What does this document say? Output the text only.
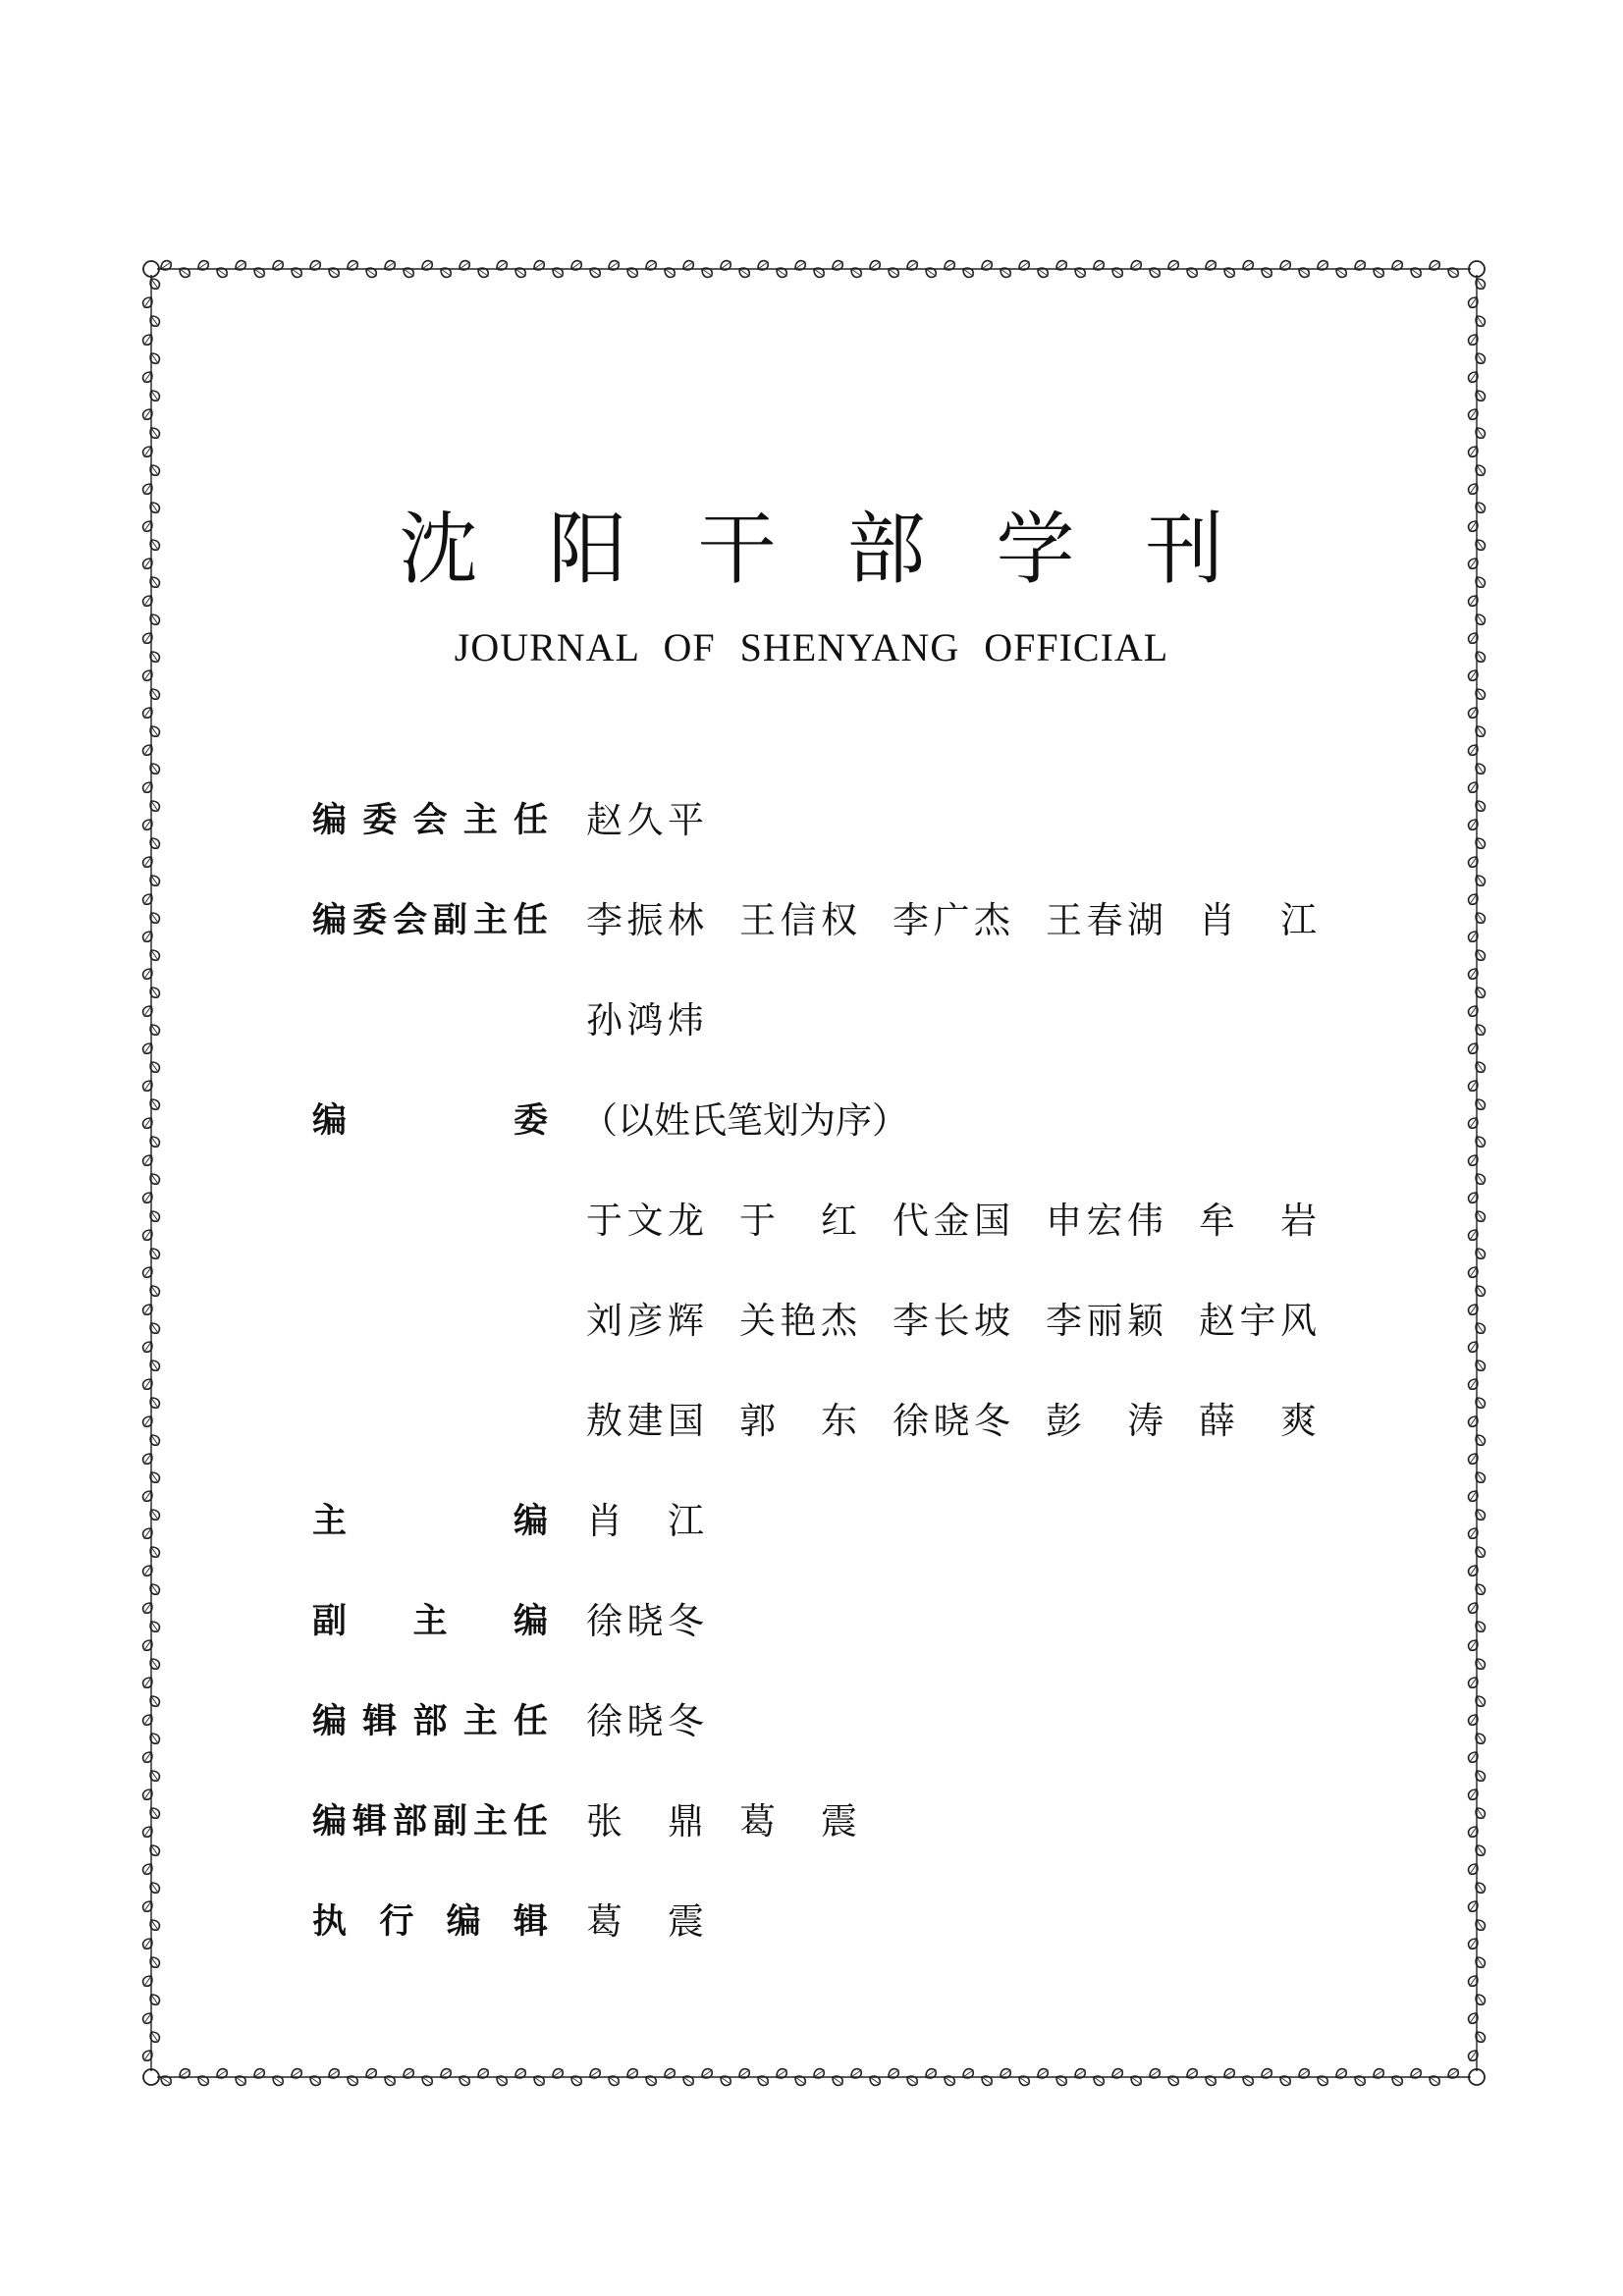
沈阳干部学刊
JOURNAL OF SHENYANG OFFICIAL
编 委 会 主 任 赵 久 平
编 委 会 副 主 任 李 振 林 王 信 权 李 广 杰 王 春 湖 肖 江
孙 鸿 炜
编	委 （以姓氏笔划为序）
于 文 龙 于 红 代 金 国 申 宏 伟 牟 岩
刘 彦 辉 关 艳 杰 李 长 坡 李 丽 颖 赵 宇 风
敖 建 国 郭 东 徐 晓 冬 彭 涛 薛 爽
主	编 肖 江
副 主 编 徐 晓 冬
编 辑 部 主 任 徐 晓 冬
编 辑 部 副 主 任 张 鼎 葛 震
执 行 编 辑 葛 震
